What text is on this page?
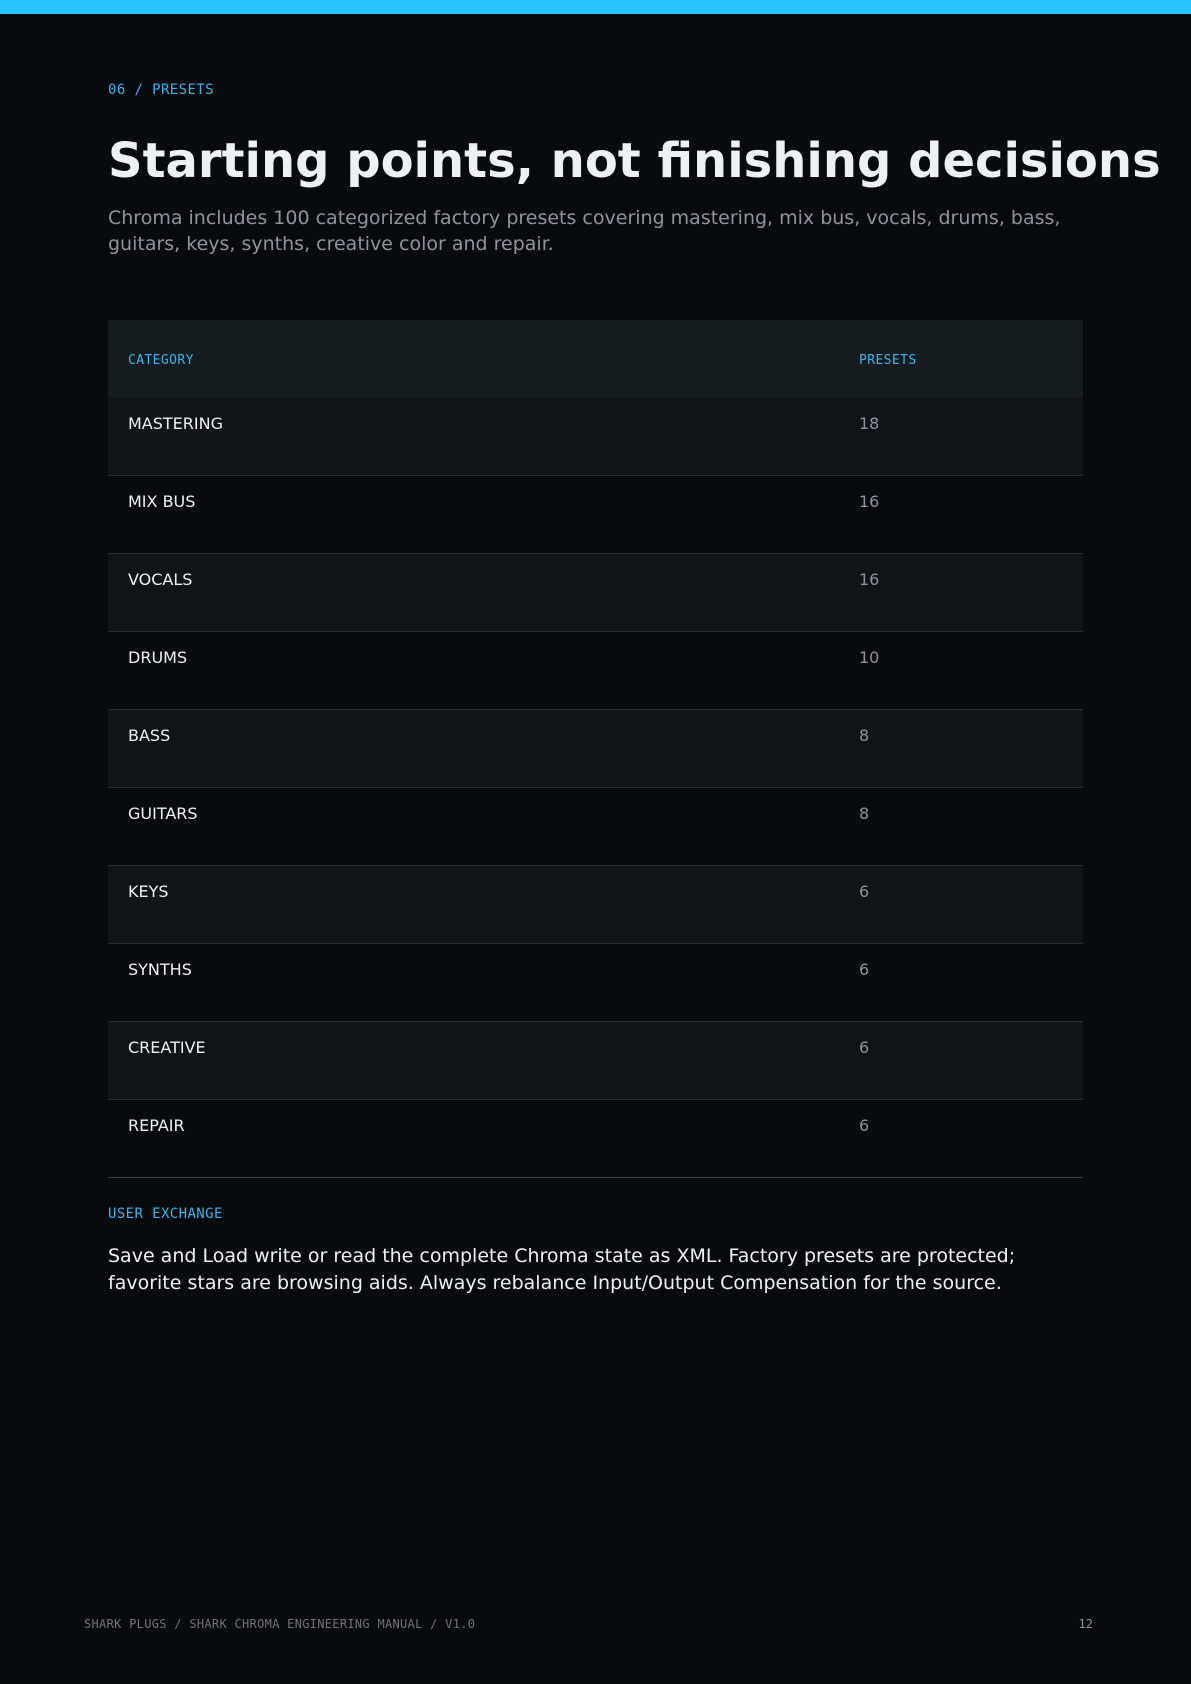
06 / PRESETS
Starting points, not finishing decisions

Chroma includes 100 categorized factory presets covering mastering, mix bus, vocals, drums, bass, guitars, keys, synths, creative color and repair.

CATEGORY	PRESETS
MASTERING	18
MIX BUS	16
VOCALS	16
DRUMS	10
BASS	8
GUITARS	8
KEYS	6
SYNTHS	6
CREATIVE	6
REPAIR	6
USER EXCHANGE

Save and Load write or read the complete Chroma state as XML. Factory presets are protected; favorite stars are browsing aids. Always rebalance Input/Output Compensation for the source.

SHARK PLUGS / SHARK CHROMA ENGINEERING MANUAL / V1.0	12
